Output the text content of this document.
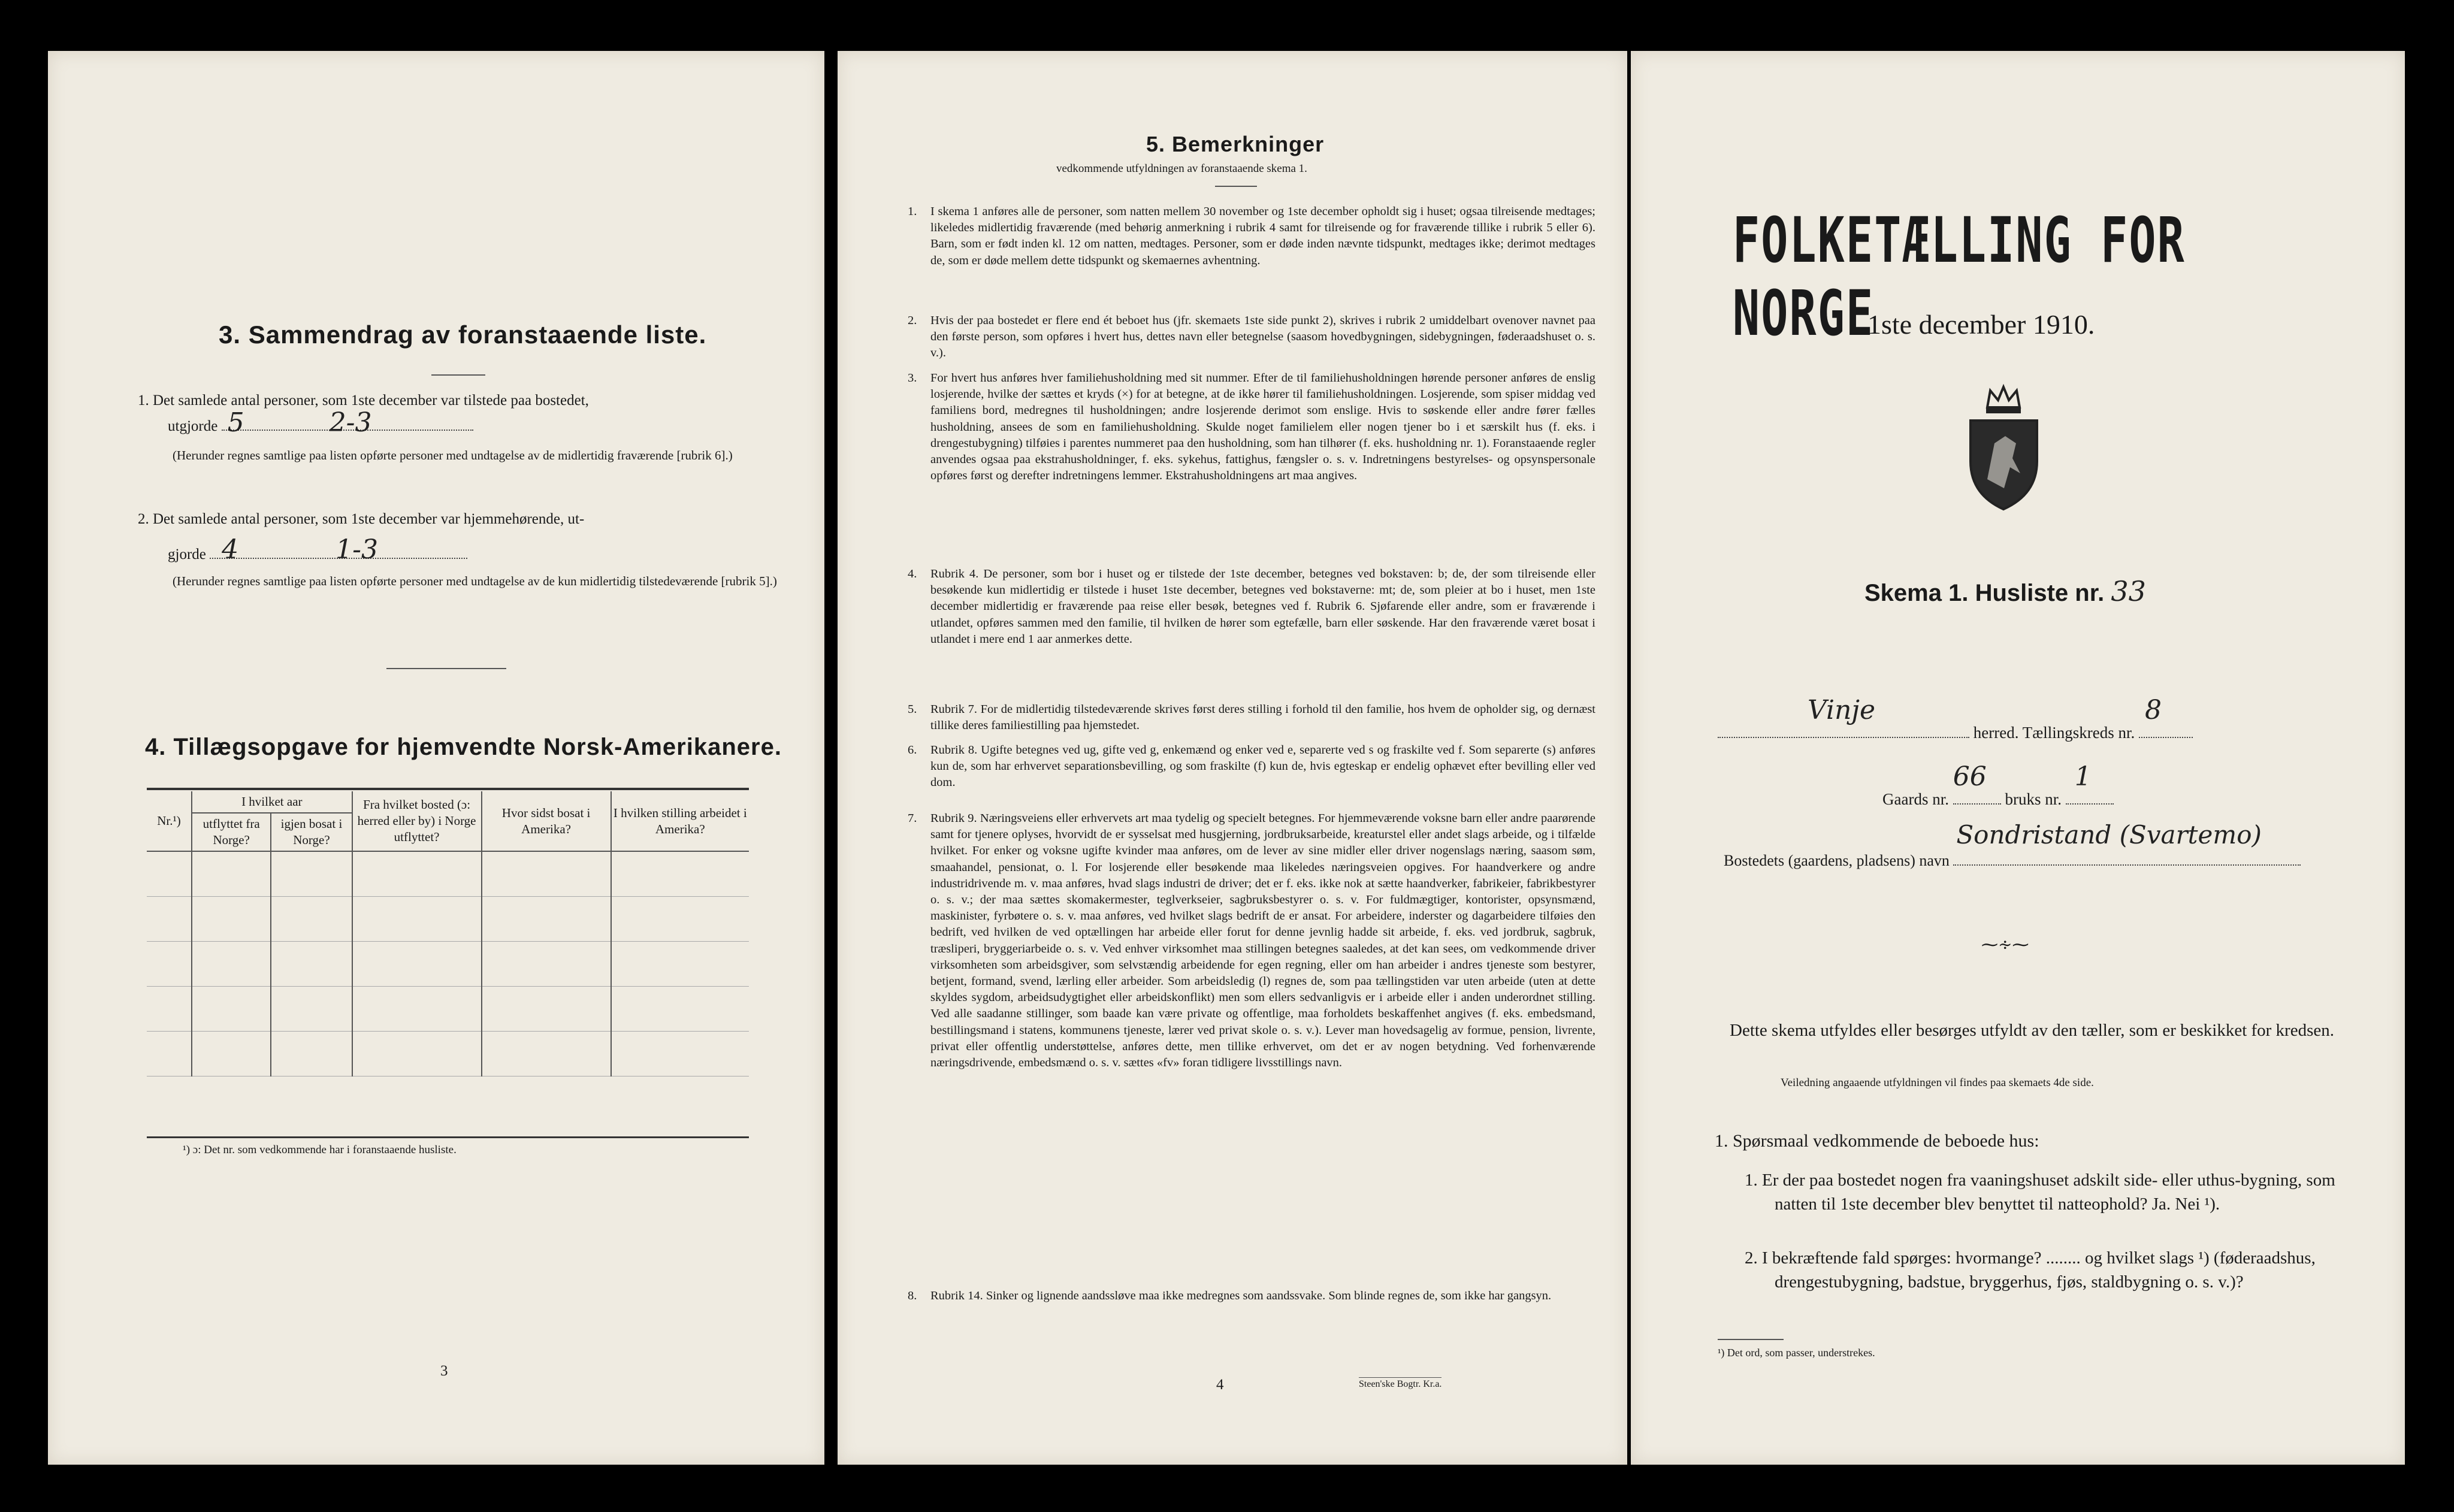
3. Sammendrag av foranstaaende liste.
1. Det samlede antal personer, som 1ste december var tilstede paa bostedet,
utgjorde 5	2-3
(Herunder regnes samtlige paa listen opførte personer med undtagelse av de midlertidig fraværende [rubrik 6].)
2. Det samlede antal personer, som 1ste december var hjemmehørende, ut-
gjorde 4	1-3
(Herunder regnes samtlige paa listen opførte personer med undtagelse av de kun midlertidig tilstedeværende [rubrik 5].)
4. Tillægsopgave for hjemvendte Norsk-Amerikanere.
Nr.¹)	I hvilket aar		Fra hvilket bosted (ɔ: herred eller by) i Norge utflyttet?	Hvor sidst bosat i Amerika?	I hvilken stilling arbeidet i Amerika?
	utflyttet fra Norge?	igjen bosat i Norge?			

¹) ɔ: Det nr. som vedkommende har i foranstaaende husliste.
3
5. Bemerkninger
vedkommende utfyldningen av foranstaaende skema 1.
1. I skema 1 anføres alle de personer, som natten mellem 30 november og 1ste december opholdt sig i huset; ogsaa tilreisende medtages; likeledes midlertidig fraværende (med behørig anmerkning i rubrik 4 samt for tilreisende og for fraværende tillike i rubrik 5 eller 6). Barn, som er født inden kl. 12 om natten, medtages. Personer, som er døde inden nævnte tidspunkt, medtages ikke; derimot medtages de, som er døde mellem dette tidspunkt og skemaernes avhentning.
2. Hvis der paa bostedet er flere end ét beboet hus (jfr. skemaets 1ste side punkt 2), skrives i rubrik 2 umiddelbart ovenover navnet paa den første person, som opføres i hvert hus, dettes navn eller betegnelse (saasom hovedbygningen, sidebygningen, føderaadshuset o. s. v.).
3. For hvert hus anføres hver familiehusholdning med sit nummer. Efter de til familiehusholdningen hørende personer anføres de enslig losjerende, hvilke der sættes et kryds (×) for at betegne, at de ikke hører til familiehusholdningen. Losjerende, som spiser middag ved familiens bord, medregnes til husholdningen; andre losjerende derimot som enslige. Hvis to søskende eller andre fører fælles husholdning, ansees de som en familiehusholdning. Skulde noget familielem eller nogen tjener bo i et særskilt hus (f. eks. i drengestubygning) tilføies i parentes nummeret paa den husholdning, som han tilhører (f. eks. husholdning nr. 1). Foranstaaende regler anvendes ogsaa paa ekstrahusholdninger, f. eks. sykehus, fattighus, fængsler o. s. v. Indretningens bestyrelses- og opsynspersonale opføres først og derefter indretningens lemmer. Ekstrahusholdningens art maa angives.
4. Rubrik 4. De personer, som bor i huset og er tilstede der 1ste december, betegnes ved bokstaven: b; de, der som tilreisende eller besøkende kun midlertidig er tilstede i huset 1ste december, betegnes ved bokstaverne: mt; de, som pleier at bo i huset, men 1ste december midlertidig er fraværende paa reise eller besøk, betegnes ved f. Rubrik 6. Sjøfarende eller andre, som er fraværende i utlandet, opføres sammen med den familie, til hvilken de hører som egtefælle, barn eller søskende. Har den fraværende været bosat i utlandet i mere end 1 aar anmerkes dette.
5. Rubrik 7. For de midlertidig tilstedeværende skrives først deres stilling i forhold til den familie, hos hvem de opholder sig, og dernæst tillike deres familiestilling paa hjemstedet.
6. Rubrik 8. Ugifte betegnes ved ug, gifte ved g, enkemænd og enker ved e, separerte ved s og fraskilte ved f. Som separerte (s) anføres kun de, som har erhvervet separationsbevilling, og som fraskilte (f) kun de, hvis egteskap er endelig ophævet efter bevilling eller ved dom.
7. Rubrik 9. Næringsveiens eller erhvervets art maa tydelig og specielt betegnes. For hjemmeværende voksne barn eller andre paarørende samt for tjenere oplyses, hvorvidt de er sysselsat med husgjerning, jordbruksarbeide, kreaturstel eller andet slags arbeide, og i tilfælde hvilket. For enker og voksne ugifte kvinder maa anføres, om de lever av sine midler eller driver nogenslags næring, saasom søm, smaahandel, pensionat, o. l. For losjerende eller besøkende maa likeledes næringsveien opgives. For haandverkere og andre industridrivende m. v. maa anføres, hvad slags industri de driver; det er f. eks. ikke nok at sætte haandverker, fabrikeier, fabrikbestyrer o. s. v.; der maa sættes skomakermester, teglverkseier, sagbruksbestyrer o. s. v. For fuldmægtiger, kontorister, opsynsmænd, maskinister, fyrbøtere o. s. v. maa anføres, ved hvilket slags bedrift de er ansat. For arbeidere, inderster og dagarbeidere tilføies den bedrift, ved hvilken de ved optællingen har arbeide eller forut for denne jevnlig hadde sit arbeide, f. eks. ved jordbruk, sagbruk, træsliperi, bryggeriarbeide o. s. v. Ved enhver virksomhet maa stillingen betegnes saaledes, at det kan sees, om vedkommende driver virksomheten som arbeidsgiver, som selvstændig arbeidende for egen regning, eller om han arbeider i andres tjeneste som bestyrer, betjent, formand, svend, lærling eller arbeider. Som arbeidsledig (l) regnes de, som paa tællingstiden var uten arbeide (uten at dette skyldes sygdom, arbeidsudygtighet eller arbeidskonflikt) men som ellers sedvanligvis er i arbeide eller i anden underordnet stilling. Ved alle saadanne stillinger, som baade kan være private og offentlige, maa forholdets beskaffenhet angives (f. eks. embedsmand, bestillingsmand i statens, kommunens tjeneste, lærer ved privat skole o. s. v.). Lever man hovedsagelig av formue, pension, livrente, privat eller offentlig understøttelse, anføres dette, men tillike erhvervet, om det er av nogen betydning. Ved forhenværende næringsdrivende, embedsmænd o. s. v. sættes «fv» foran tidligere livsstillings navn.
8. Rubrik 14. Sinker og lignende aandssløve maa ikke medregnes som aandssvake. Som blinde regnes de, som ikke har gangsyn.
4	Steen'ske Bogtr. Kr.a.
FOLKETÆLLING FOR NORGE
1ste december 1910.
Skema 1. Husliste nr. 33
Vinje
herred. Tællingskreds nr.
8
Gaards nr.
66
bruks nr.
1
Bostedets (gaardens, pladsens) navn
Sondristand (Svartemo)
⁓∻⁓
Dette skema utfyldes eller besørges utfyldt av den tæller, som er beskikket for kredsen.
Veiledning angaaende utfyldningen vil findes paa skemaets 4de side.
1. Spørsmaal vedkommende de beboede hus:
1. Er der paa bostedet nogen fra vaaningshuset adskilt side- eller uthus-bygning, som natten til 1ste december blev benyttet til natteophold? Ja. Nei ¹).
2. I bekræftende fald spørges: hvormange? ........ og hvilket slags ¹) (føderaadshus, drengestubygning, badstue, bryggerhus, fjøs, staldbygning o. s. v.)?
¹) Det ord, som passer, understrekes.
